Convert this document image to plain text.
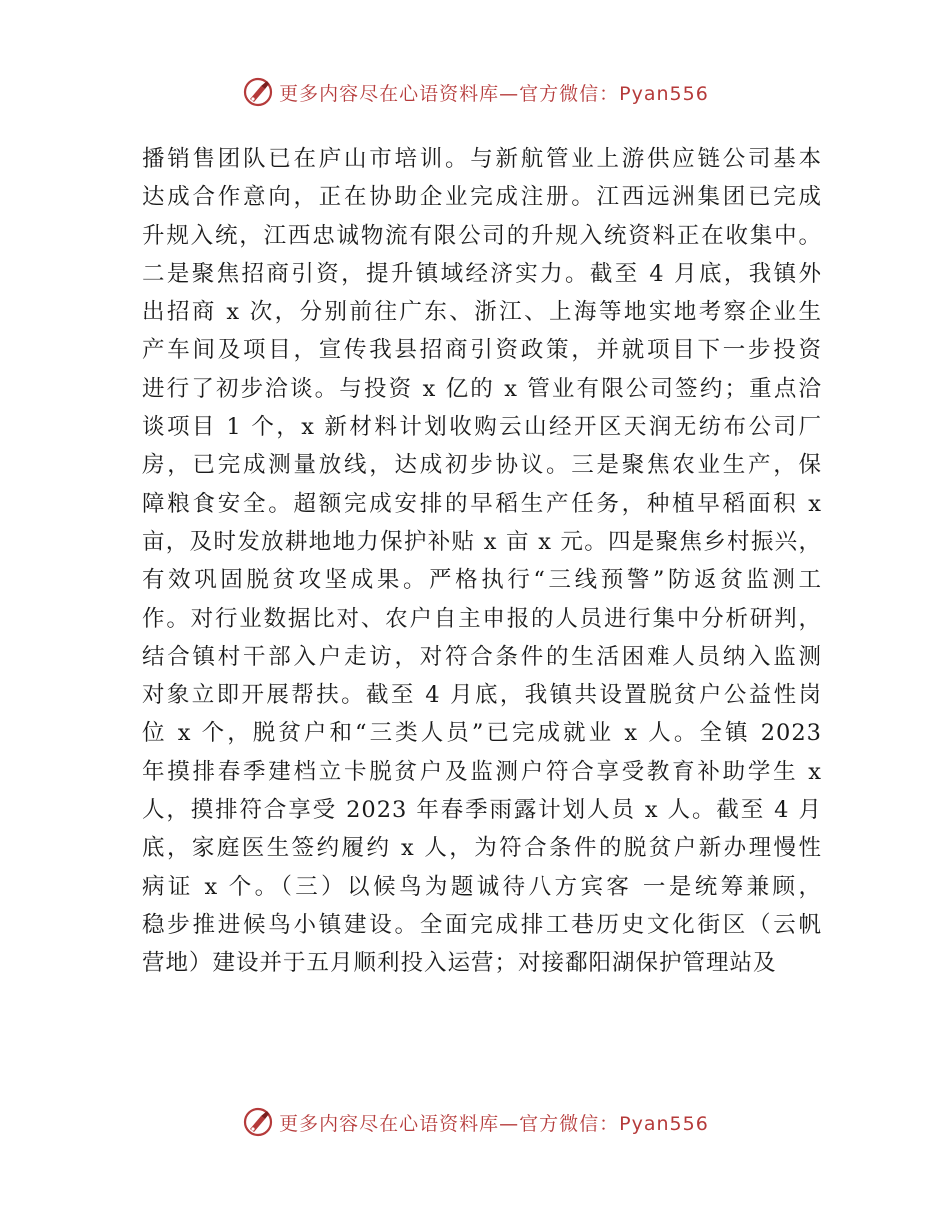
更多内容尽在心语资料库—官方微信：Pyan556
播销售团队已在庐山市培训。与新航管业上游供应链公司基本
达成合作意向，正在协助企业完成注册。江西远洲集团已完成
升规入统，江西忠诚物流有限公司的升规入统资料正在收集中。
二是聚焦招商引资，提升镇域经济实力。截至 4 月底，我镇外
出招商 x 次，分别前往广东、浙江、上海等地实地考察企业生
产车间及项目，宣传我县招商引资政策，并就项目下一步投资
进行了初步洽谈。与投资 x 亿的 x 管业有限公司签约；重点洽
谈项目 1 个，x 新材料计划收购云山经开区天润无纺布公司厂
房，已完成测量放线，达成初步协议。三是聚焦农业生产，保
障粮食安全。超额完成安排的早稻生产任务，种植早稻面积 x
亩，及时发放耕地地力保护补贴 x 亩 x 元。四是聚焦乡村振兴，
有效巩固脱贫攻坚成果。严格执行“三线预警”防返贫监测工
作。对行业数据比对、农户自主申报的人员进行集中分析研判，
结合镇村干部入户走访，对符合条件的生活困难人员纳入监测
对象立即开展帮扶。截至 4 月底，我镇共设置脱贫户公益性岗
位 x 个，脱贫户和“三类人员”已完成就业 x 人。全镇 2023
年摸排春季建档立卡脱贫户及监测户符合享受教育补助学生 x
人，摸排符合享受 2023 年春季雨露计划人员 x 人。截至 4 月
底，家庭医生签约履约 x 人，为符合条件的脱贫户新办理慢性
病证 x 个。（三）以候鸟为题诚待八方宾客 一是统筹兼顾，
稳步推进候鸟小镇建设。全面完成排工巷历史文化街区（云帆
营地）建设并于五月顺利投入运营；对接鄱阳湖保护管理站及
更多内容尽在心语资料库—官方微信：Pyan556
